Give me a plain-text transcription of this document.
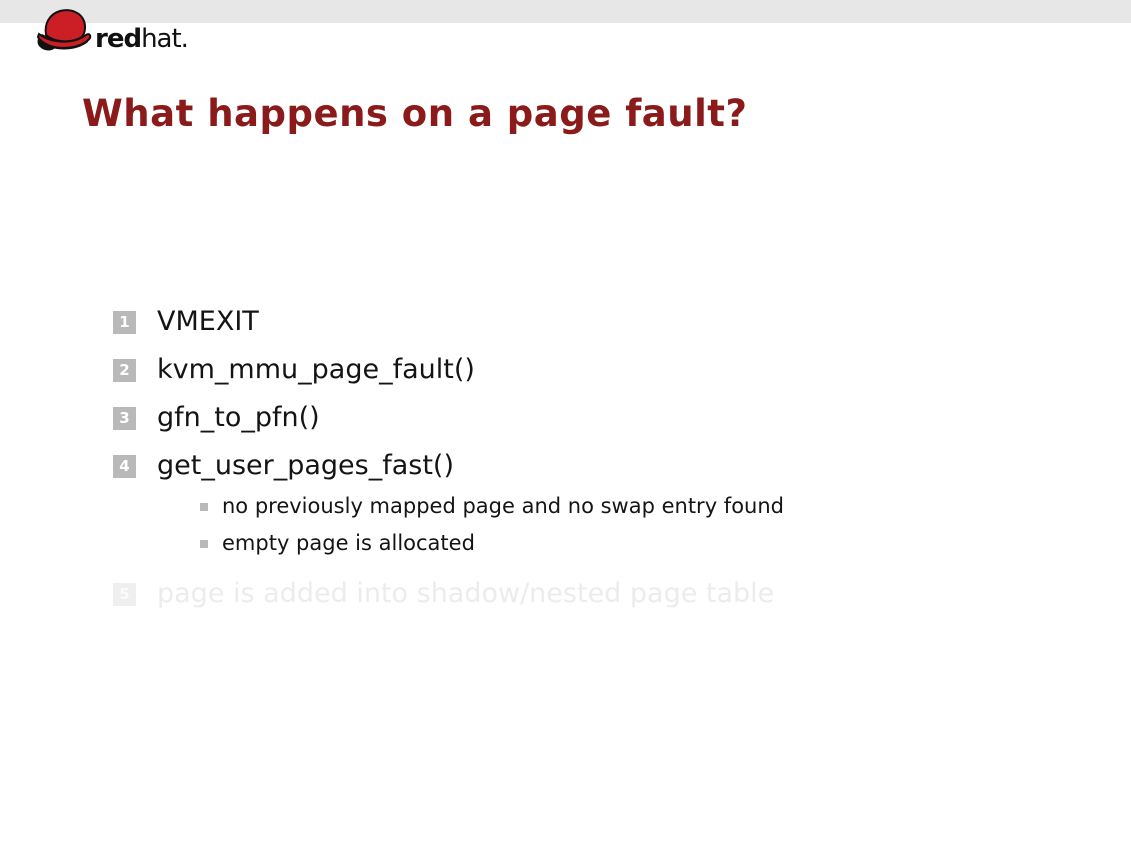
redhat.
What happens on a page fault?
1 VMEXIT
2 kvm_mmu_page_fault()
3 gfn_to_pfn()
4 get_user_pages_fast()
no previously mapped page and no swap entry found
empty page is allocated
5 page is added into shadow/nested page table
